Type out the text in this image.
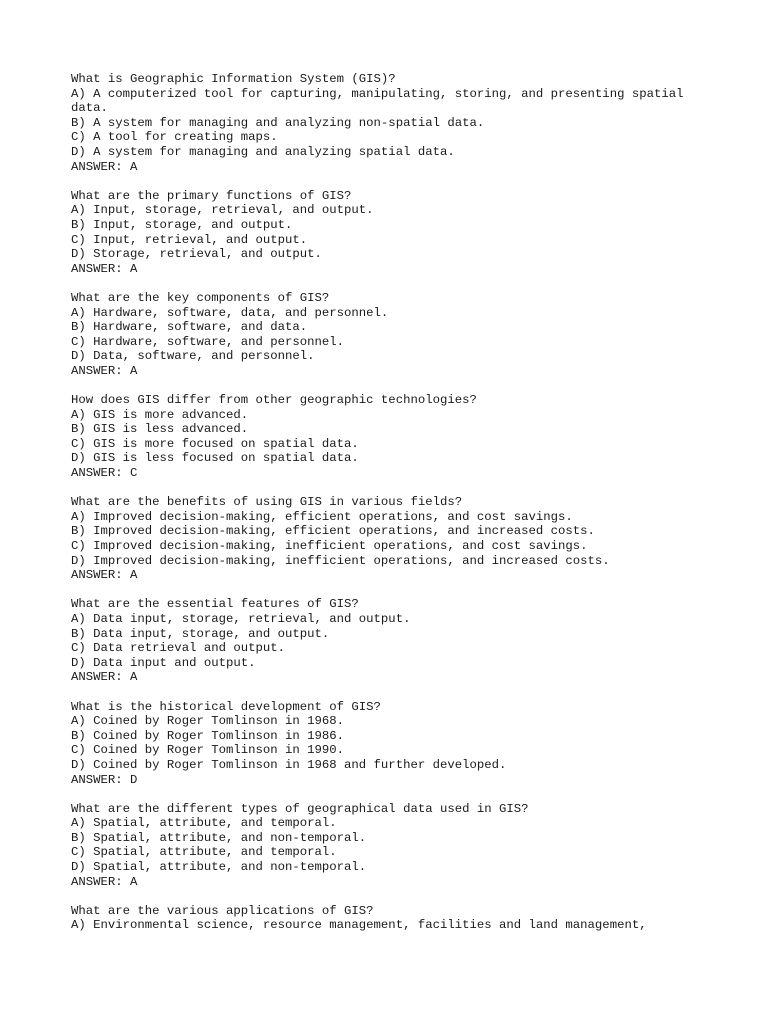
What is Geographic Information System (GIS)?
A) A computerized tool for capturing, manipulating, storing, and presenting spatial
data.
B) A system for managing and analyzing non-spatial data.
C) A tool for creating maps.
D) A system for managing and analyzing spatial data.
ANSWER: A
What are the primary functions of GIS?
A) Input, storage, retrieval, and output.
B) Input, storage, and output.
C) Input, retrieval, and output.
D) Storage, retrieval, and output.
ANSWER: A
What are the key components of GIS?
A) Hardware, software, data, and personnel.
B) Hardware, software, and data.
C) Hardware, software, and personnel.
D) Data, software, and personnel.
ANSWER: A
How does GIS differ from other geographic technologies?
A) GIS is more advanced.
B) GIS is less advanced.
C) GIS is more focused on spatial data.
D) GIS is less focused on spatial data.
ANSWER: C
What are the benefits of using GIS in various fields?
A) Improved decision-making, efficient operations, and cost savings.
B) Improved decision-making, efficient operations, and increased costs.
C) Improved decision-making, inefficient operations, and cost savings.
D) Improved decision-making, inefficient operations, and increased costs.
ANSWER: A
What are the essential features of GIS?
A) Data input, storage, retrieval, and output.
B) Data input, storage, and output.
C) Data retrieval and output.
D) Data input and output.
ANSWER: A
What is the historical development of GIS?
A) Coined by Roger Tomlinson in 1968.
B) Coined by Roger Tomlinson in 1986.
C) Coined by Roger Tomlinson in 1990.
D) Coined by Roger Tomlinson in 1968 and further developed.
ANSWER: D
What are the different types of geographical data used in GIS?
A) Spatial, attribute, and temporal.
B) Spatial, attribute, and non-temporal.
C) Spatial, attribute, and temporal.
D) Spatial, attribute, and non-temporal.
ANSWER: A
What are the various applications of GIS?
A) Environmental science, resource management, facilities and land management,
